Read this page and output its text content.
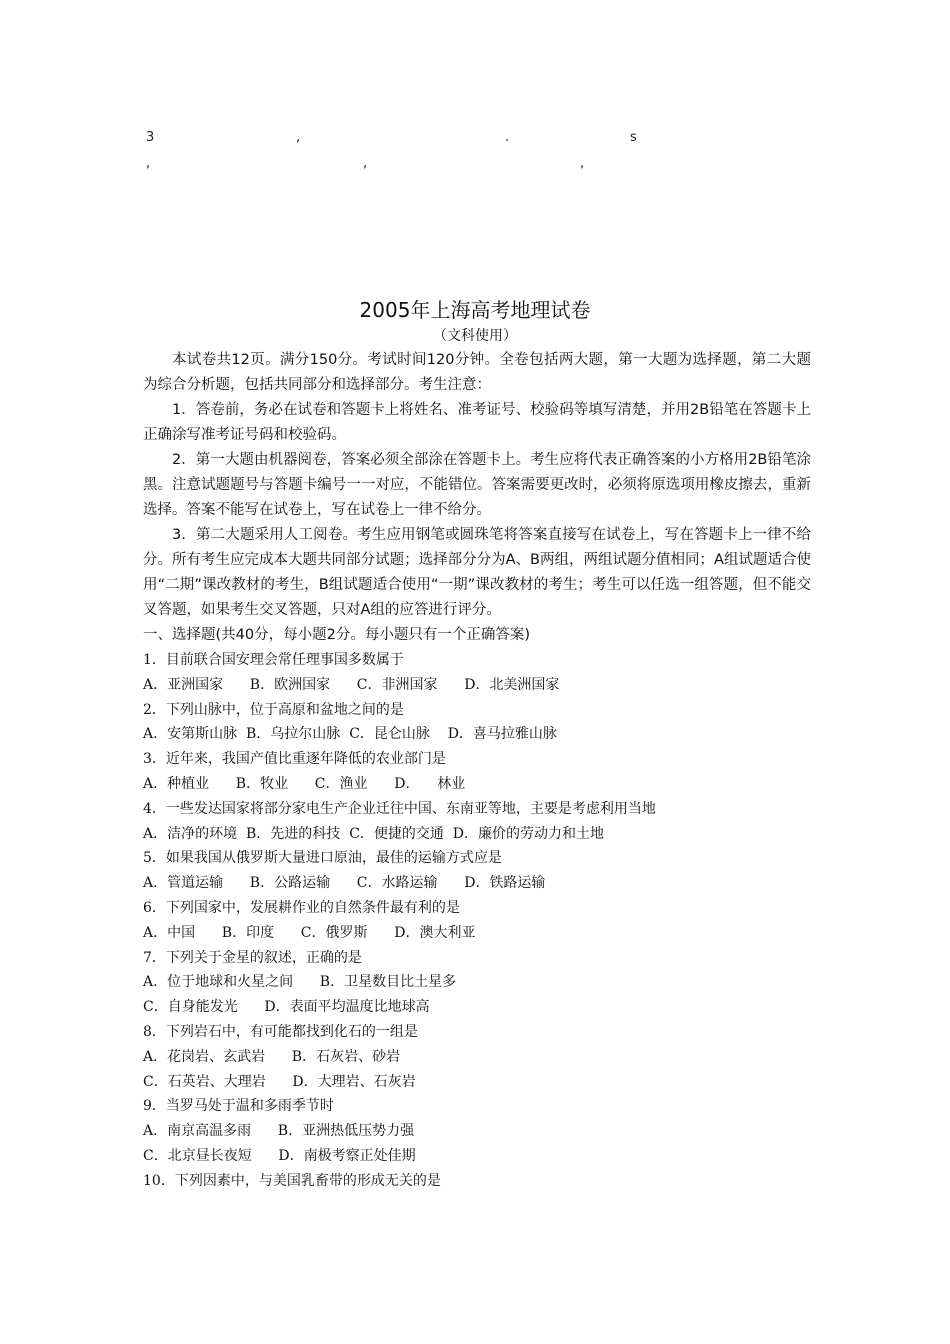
3	,	.	s
,	,	,
2005年上海高考地理试卷
（文科使用）

本试卷共12页。满分150分。考试时间120分钟。全卷包括两大题，第一大题为选择题，第二大题为综合分析题，包括共同部分和选择部分。考生注意：

1．答卷前，务必在试卷和答题卡上将姓名、准考证号、校验码等填写清楚，并用2B铅笔在答题卡上正确涂写准考证号码和校验码。

2．第一大题由机器阅卷，答案必须全部涂在答题卡上。考生应将代表正确答案的小方格用2B铅笔涂黑。注意试题题号与答题卡编号一一对应，不能错位。答案需要更改时，必须将原选项用橡皮擦去，重新选择。答案不能写在试卷上，写在试卷上一律不给分。

3．第二大题采用人工阅卷。考生应用钢笔或圆珠笔将答案直接写在试卷上，写在答题卡上一律不给分。所有考生应完成本大题共同部分试题；选择部分分为A、B两组，两组试题分值相同；A组试题适合使用“二期”课改教材的考生，B组试题适合使用“一期”课改教材的考生；考生可以任选一组答题，但不能交叉答题，如果考生交叉答题，只对A组的应答进行评分。

一、选择题(共40分，每小题2分。每小题只有一个正确答案)

1．目前联合国安理会常任理事国多数属于

A．亚洲国家      B．欧洲国家      C．非洲国家      D．北美洲国家

2．下列山脉中，位于高原和盆地之间的是

A．安第斯山脉  B．乌拉尔山脉  C．昆仑山脉    D．喜马拉雅山脉

3．近年来，我国产值比重逐年降低的农业部门是

A．种植业      B．牧业      C．渔业      D．    林业

4．一些发达国家将部分家电生产企业迁往中国、东南亚等地，主要是考虑利用当地

A．洁净的环境  B．先进的科技  C．便捷的交通  D．廉价的劳动力和土地

5．如果我国从俄罗斯大量进口原油，最佳的运输方式应是

A．管道运输      B．公路运输      C．水路运输      D．铁路运输

6．下列国家中，发展耕作业的自然条件最有利的是

A．中国      B．印度      C．俄罗斯      D．澳大利亚

7．下列关于金星的叙述，正确的是

A．位于地球和火星之间      B．卫星数目比土星多

C．自身能发光      D．表面平均温度比地球高

8．下列岩石中，有可能都找到化石的一组是

A．花岗岩、玄武岩      B．石灰岩、砂岩

C．石英岩、大理岩      D．大理岩、石灰岩

9．当罗马处于温和多雨季节时

A．南京高温多雨      B．亚洲热低压势力强

C．北京昼长夜短      D．南极考察正处佳期

10．下列因素中，与美国乳畜带的形成无关的是
